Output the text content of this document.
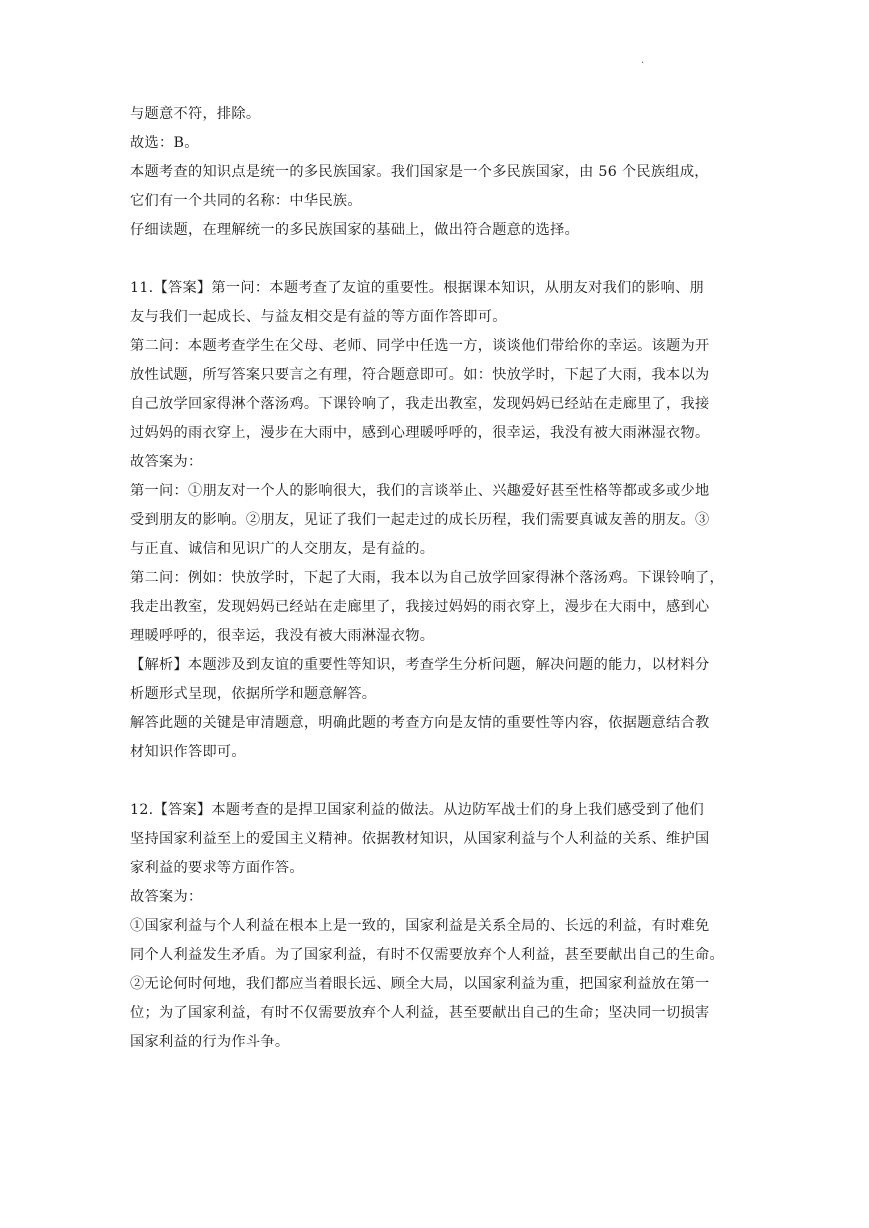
.

与题意不符，排除。

故选：B。

本题考查的知识点是统一的多民族国家。我们国家是一个多民族国家，由 56 个民族组成，

它们有一个共同的名称：中华民族。

仔细读题，在理解统一的多民族国家的基础上，做出符合题意的选择。

11.【答案】第一问：本题考查了友谊的重要性。根据课本知识，从朋友对我们的影响、朋

友与我们一起成长、与益友相交是有益的等方面作答即可。

第二问：本题考查学生在父母、老师、同学中任选一方，谈谈他们带给你的幸运。该题为开

放性试题，所写答案只要言之有理，符合题意即可。如：快放学时，下起了大雨，我本以为

自己放学回家得淋个落汤鸡。下课铃响了，我走出教室，发现妈妈已经站在走廊里了，我接

过妈妈的雨衣穿上，漫步在大雨中，感到心理暖呼呼的，很幸运，我没有被大雨淋湿衣物。

故答案为：

第一问：①朋友对一个人的影响很大，我们的言谈举止、兴趣爱好甚至性格等都或多或少地

受到朋友的影响。②朋友，见证了我们一起走过的成长历程，我们需要真诚友善的朋友。③

与正直、诚信和见识广的人交朋友，是有益的。

第二问：例如：快放学时，下起了大雨，我本以为自己放学回家得淋个落汤鸡。下课铃响了，

我走出教室，发现妈妈已经站在走廊里了，我接过妈妈的雨衣穿上，漫步在大雨中，感到心

理暖呼呼的，很幸运，我没有被大雨淋湿衣物。

【解析】本题涉及到友谊的重要性等知识，考查学生分析问题，解决问题的能力，以材料分

析题形式呈现，依据所学和题意解答。

解答此题的关键是审清题意，明确此题的考查方向是友情的重要性等内容，依据题意结合教

材知识作答即可。

12.【答案】本题考查的是捍卫国家利益的做法。从边防军战士们的身上我们感受到了他们

坚持国家利益至上的爱国主义精神。依据教材知识，从国家利益与个人利益的关系、维护国

家利益的要求等方面作答。

故答案为：

①国家利益与个人利益在根本上是一致的，国家利益是关系全局的、长远的利益，有时难免

同个人利益发生矛盾。为了国家利益，有时不仅需要放弃个人利益，甚至要献出自己的生命。

②无论何时何地，我们都应当着眼长远、顾全大局，以国家利益为重，把国家利益放在第一

位；为了国家利益，有时不仅需要放弃个人利益，甚至要献出自己的生命；坚决同一切损害

国家利益的行为作斗争。
